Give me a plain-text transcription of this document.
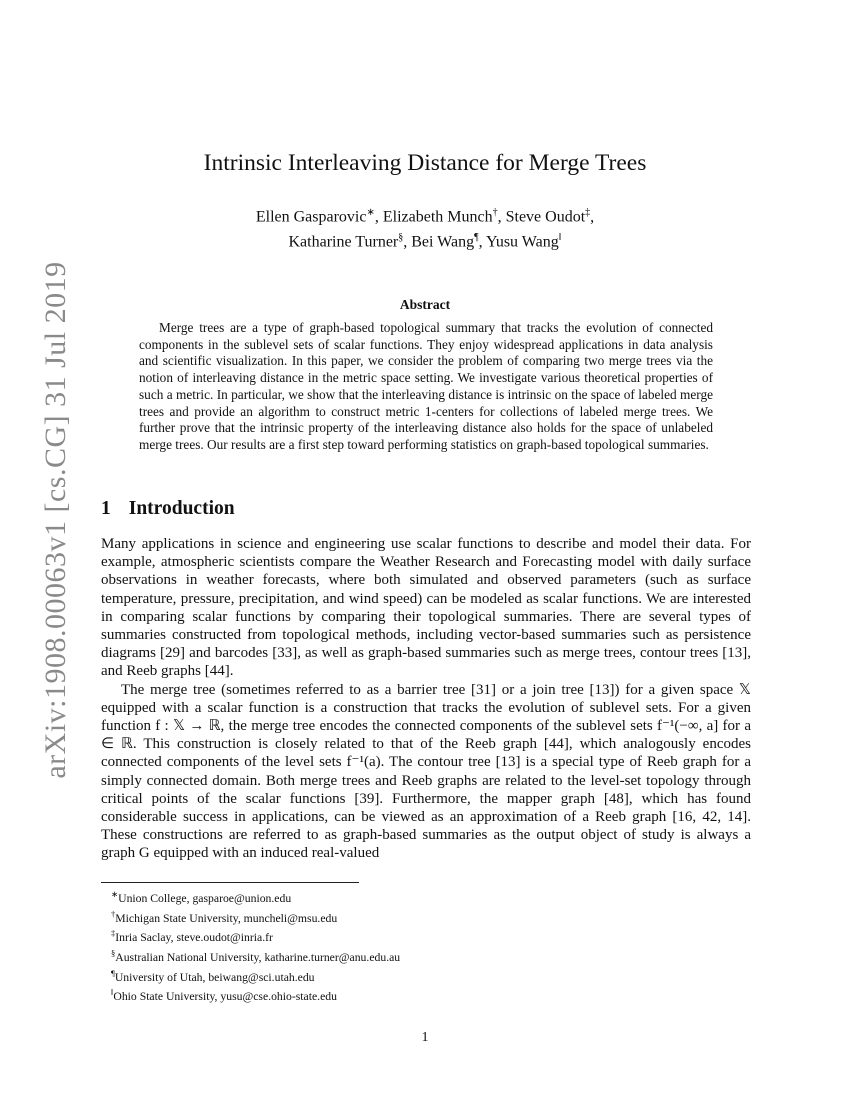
arXiv:1908.00063v1 [cs.CG] 31 Jul 2019
Intrinsic Interleaving Distance for Merge Trees
Ellen Gasparovic∗, Elizabeth Munch†, Steve Oudot‡,
Katharine Turner§, Bei Wang¶, Yusu Wang‖
Abstract
Merge trees are a type of graph-based topological summary that tracks the evolution of connected components in the sublevel sets of scalar functions. They enjoy widespread applications in data analysis and scientific visualization. In this paper, we consider the problem of comparing two merge trees via the notion of interleaving distance in the metric space setting. We investigate various theoretical properties of such a metric. In particular, we show that the interleaving distance is intrinsic on the space of labeled merge trees and provide an algorithm to construct metric 1-centers for collections of labeled merge trees. We further prove that the intrinsic property of the interleaving distance also holds for the space of unlabeled merge trees. Our results are a first step toward performing statistics on graph-based topological summaries.
1 Introduction

Many applications in science and engineering use scalar functions to describe and model their data. For example, atmospheric scientists compare the Weather Research and Forecasting model with daily surface observations in weather forecasts, where both simulated and observed parameters (such as surface temperature, pressure, precipitation, and wind speed) can be modeled as scalar functions. We are interested in comparing scalar functions by comparing their topological summaries. There are several types of summaries constructed from topological methods, including vector-based summaries such as persistence diagrams [29] and barcodes [33], as well as graph-based summaries such as merge trees, contour trees [13], and Reeb graphs [44].

The merge tree (sometimes referred to as a barrier tree [31] or a join tree [13]) for a given space 𝕏 equipped with a scalar function is a construction that tracks the evolution of sublevel sets. For a given function f : 𝕏 → ℝ, the merge tree encodes the connected components of the sublevel sets f⁻¹(−∞, a] for a ∈ ℝ. This construction is closely related to that of the Reeb graph [44], which analogously encodes connected components of the level sets f⁻¹(a). The contour tree [13] is a special type of Reeb graph for a simply connected domain. Both merge trees and Reeb graphs are related to the level-set topology through critical points of the scalar functions [39]. Furthermore, the mapper graph [48], which has found considerable success in applications, can be viewed as an approximation of a Reeb graph [16, 42, 14]. These constructions are referred to as graph-based summaries as the output object of study is always a graph G equipped with an induced real-valued

∗Union College, gasparoe@union.edu
†Michigan State University, muncheli@msu.edu
‡Inria Saclay, steve.oudot@inria.fr
§Australian National University, katharine.turner@anu.edu.au
¶University of Utah, beiwang@sci.utah.edu
‖Ohio State University, yusu@cse.ohio-state.edu
1
